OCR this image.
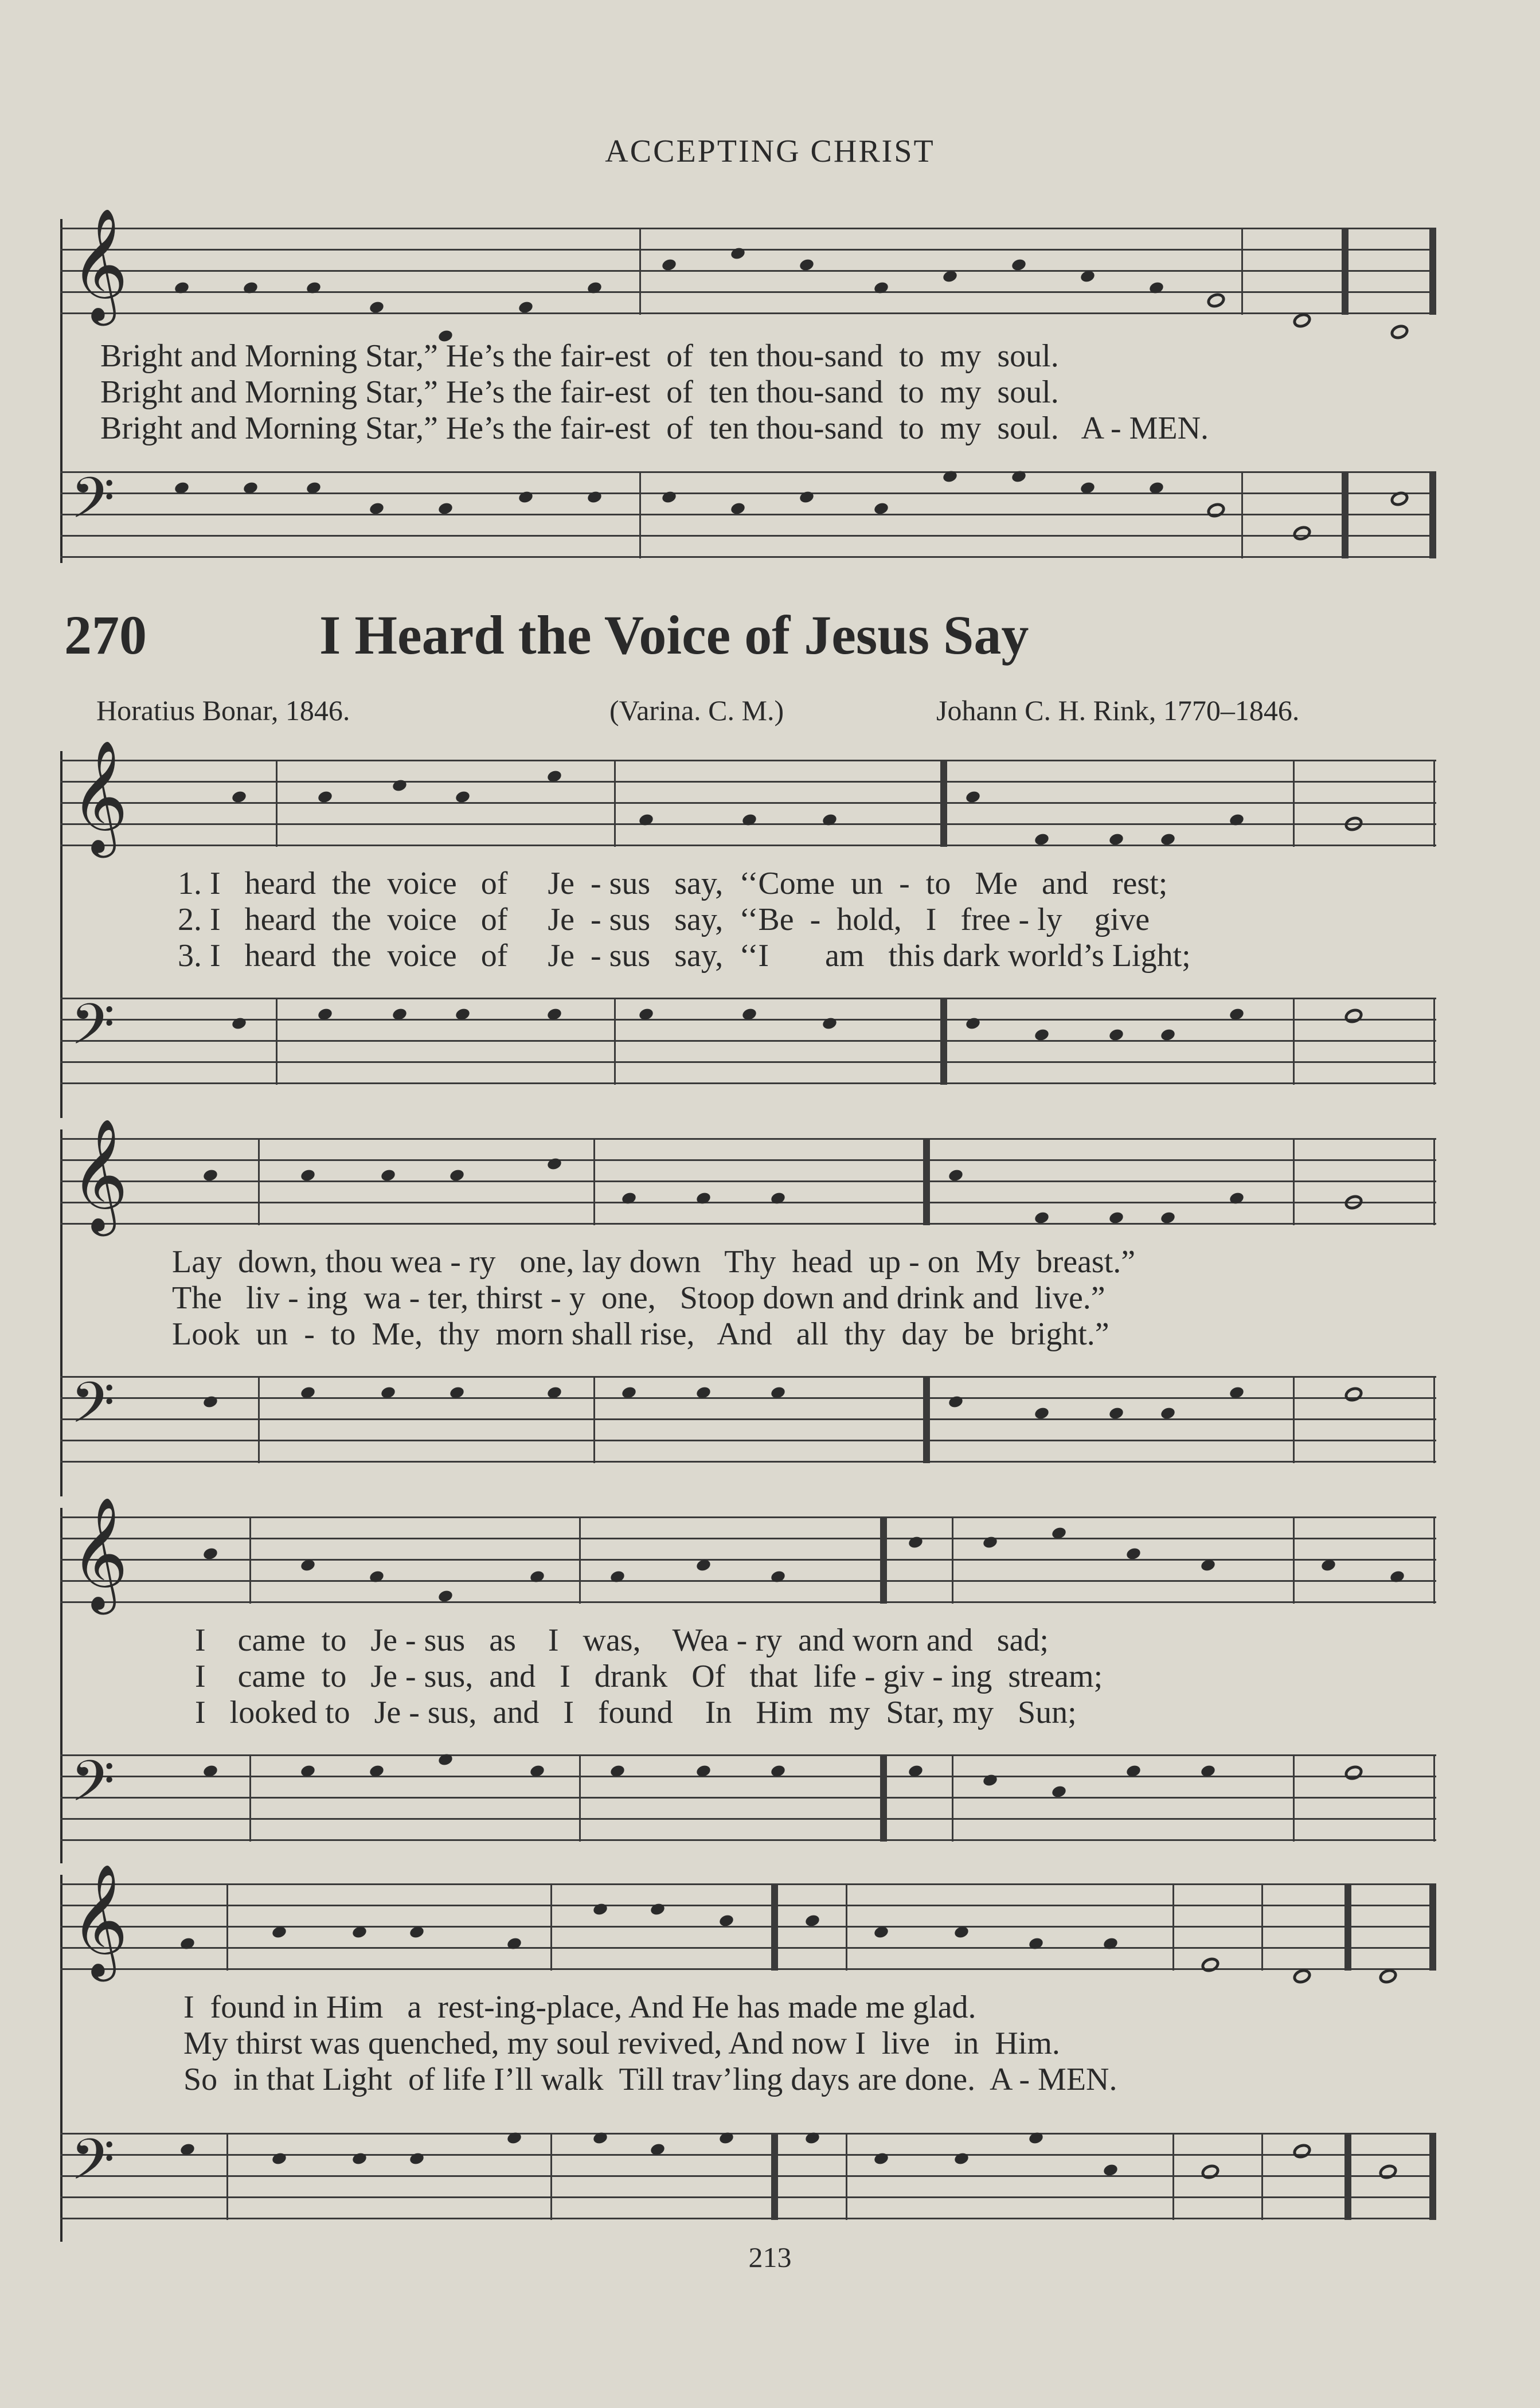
ACCEPTING CHRIST
𝄞
Bright and Morning Star,” He’s the fair-est  of  ten thou-sand  to  my  soul.
Bright and Morning Star,” He’s the fair-est  of  ten thou-sand  to  my  soul.
Bright and Morning Star,” He’s the fair-est  of  ten thou-sand  to  my  soul.   A - MEN.
𝄢
270	I Heard the Voice of Jesus Say
Horatius Bonar, 1846.	(Varina. C. M.)	Johann C. H. Rink, 1770–1846.
𝄞
1. I   heard  the  voice   of     Je  - sus   say,  ‘‘Come  un  -  to   Me   and   rest;
2. I   heard  the  voice   of     Je  - sus   say,  ‘‘Be  -  hold,   I   free - ly    give
3. I   heard  the  voice   of     Je  - sus   say,  ‘‘I       am   this dark world’s Light;
𝄢
𝄞
Lay  down, thou wea - ry   one, lay down   Thy  head  up - on  My  breast.”
The   liv - ing  wa - ter, thirst - y  one,   Stoop down and drink and  live.”
Look  un  -  to  Me,  thy  morn shall rise,   And   all  thy  day  be  bright.”
𝄢
𝄞
I    came  to   Je - sus   as    I   was,    Wea - ry  and worn and   sad;
I    came  to   Je - sus,  and   I   drank   Of   that  life - giv - ing  stream;
I   looked to   Je - sus,  and   I   found    In   Him  my  Star, my   Sun;
𝄢
𝄞
I  found in Him   a  rest-ing-place, And He has made me glad.
My thirst was quenched, my soul revived, And now I  live   in  Him.
So  in that Light  of life I’ll walk  Till trav’ling days are done.  A - MEN.
𝄢
213
